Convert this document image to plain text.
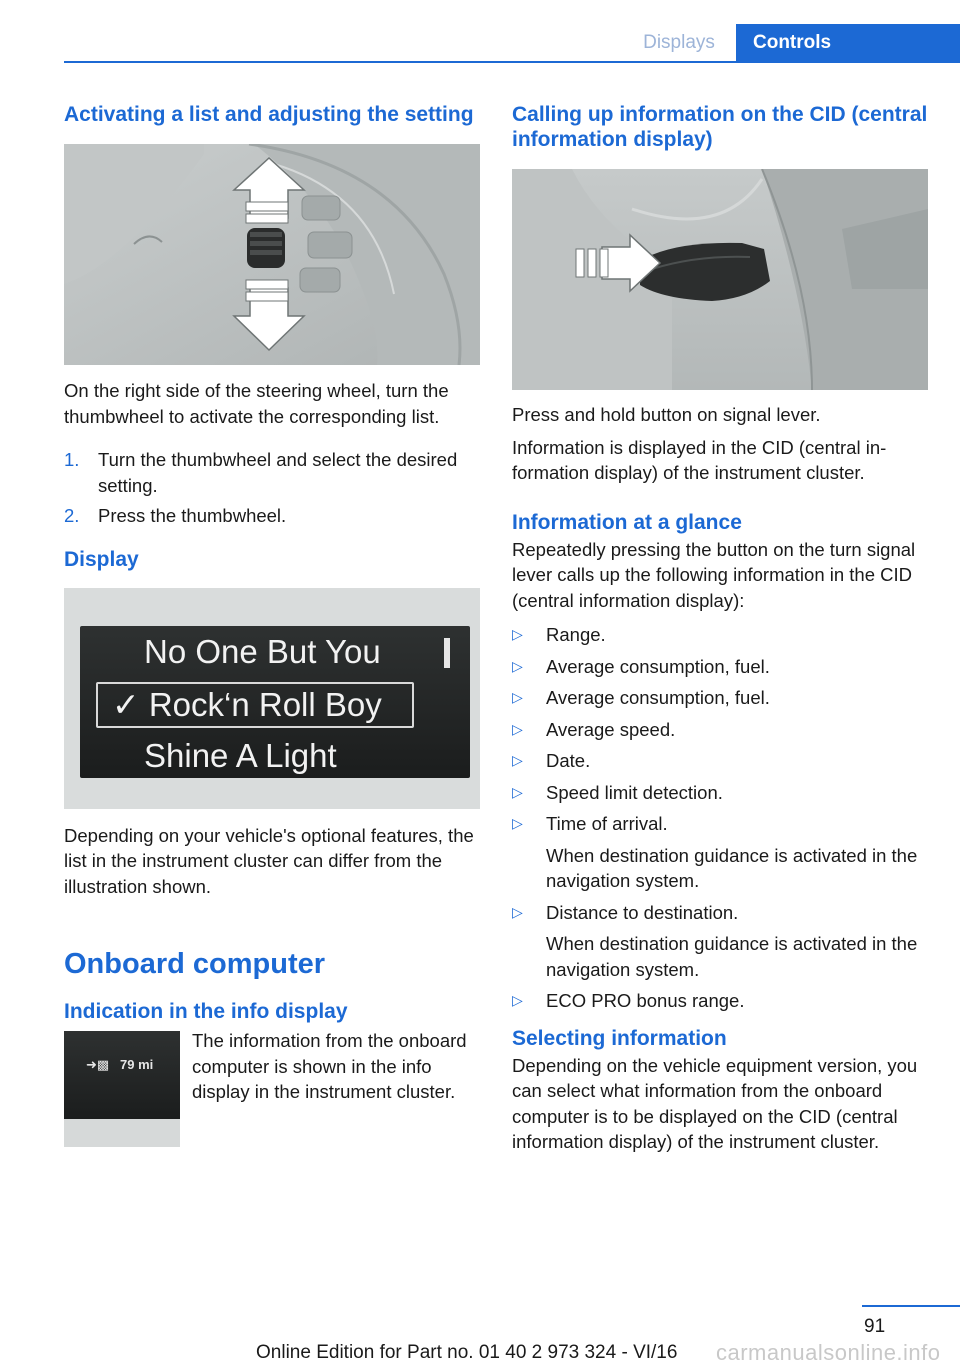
Displays	Controls
Activating a list and adjusting the setting

On the right side of the steering wheel, turn the thumbwheel to activate the corresponding list.

1. Turn the thumbwheel and select the desired setting.
2. Press the thumbwheel.
Display
No One But You
✓ Rock‘n Roll Boy
Shine A Light

Depending on your vehicle's optional features, the list in the instrument cluster can differ from the illustration shown.

Onboard computer
Indication in the info display
➜▩ 79 mi

The information from the onboard computer is shown in the info display in the instrument cluster.

Calling up information on the CID (central information display)

Press and hold button on signal lever.

Information is displayed in the CID (central information display) of the instrument cluster.

Information at a glance

Repeatedly pressing the button on the turn signal lever calls up the following information in the CID (central information display):

▷ Range.
▷ Average consumption, fuel.
▷ Average consumption, fuel.
▷ Average speed.
▷ Date.
▷ Speed limit detection.
▷ Time of arrival.
When destination guidance is activated in the navigation system.
▷ Distance to destination.
When destination guidance is activated in the navigation system.
▷ ECO PRO bonus range.
Selecting information

Depending on the vehicle equipment version, you can select what information from the onboard computer is to be displayed on the CID (central information display) of the instrument cluster.

91
Online Edition for Part no. 01 40 2 973 324 - VI/16 carmanualsonline.info
